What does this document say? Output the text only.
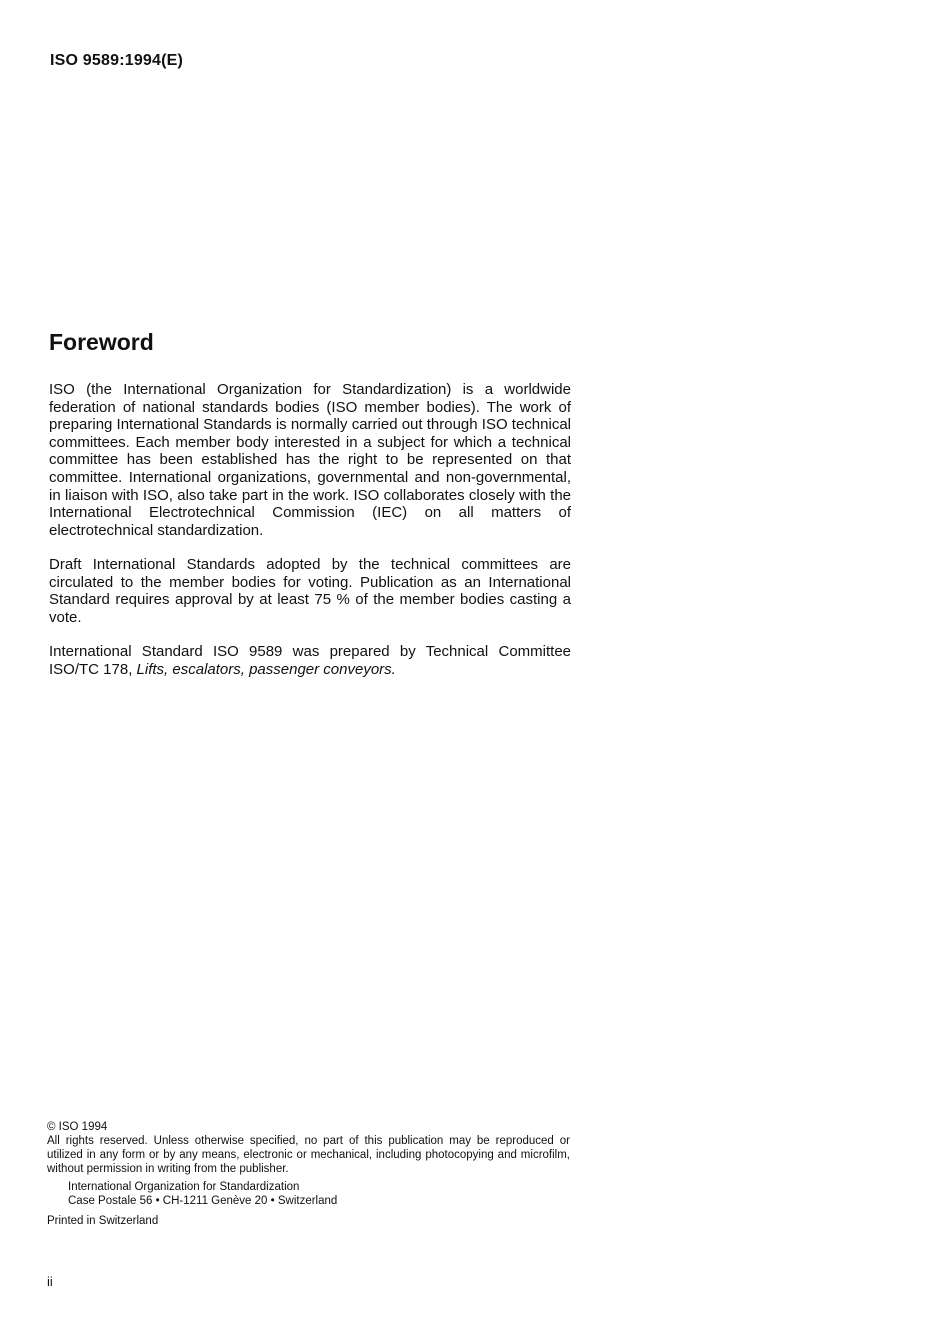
ISO 9589:1994(E)
Foreword

ISO (the International Organization for Standardization) is a worldwide federation of national standards bodies (ISO member bodies). The work of preparing International Standards is normally carried out through ISO technical committees. Each member body interested in a subject for which a technical committee has been established has the right to be represented on that committee. International organizations, governmental and non-governmental, in liaison with ISO, also take part in the work. ISO collaborates closely with the International Electrotechnical Commission (IEC) on all matters of electrotechnical standardization.

Draft International Standards adopted by the technical committees are circulated to the member bodies for voting. Publication as an International Standard requires approval by at least 75 % of the member bodies casting a vote.

International Standard ISO 9589 was prepared by Technical Committee ISO/TC 178, Lifts, escalators, passenger conveyors.

© ISO 1994
All rights reserved. Unless otherwise specified, no part of this publication may be reproduced or utilized in any form or by any means, electronic or mechanical, including photocopying and microfilm, without permission in writing from the publisher.
International Organization for Standardization
Case Postale 56 • CH-1211 Genève 20 • Switzerland
Printed in Switzerland
ii
